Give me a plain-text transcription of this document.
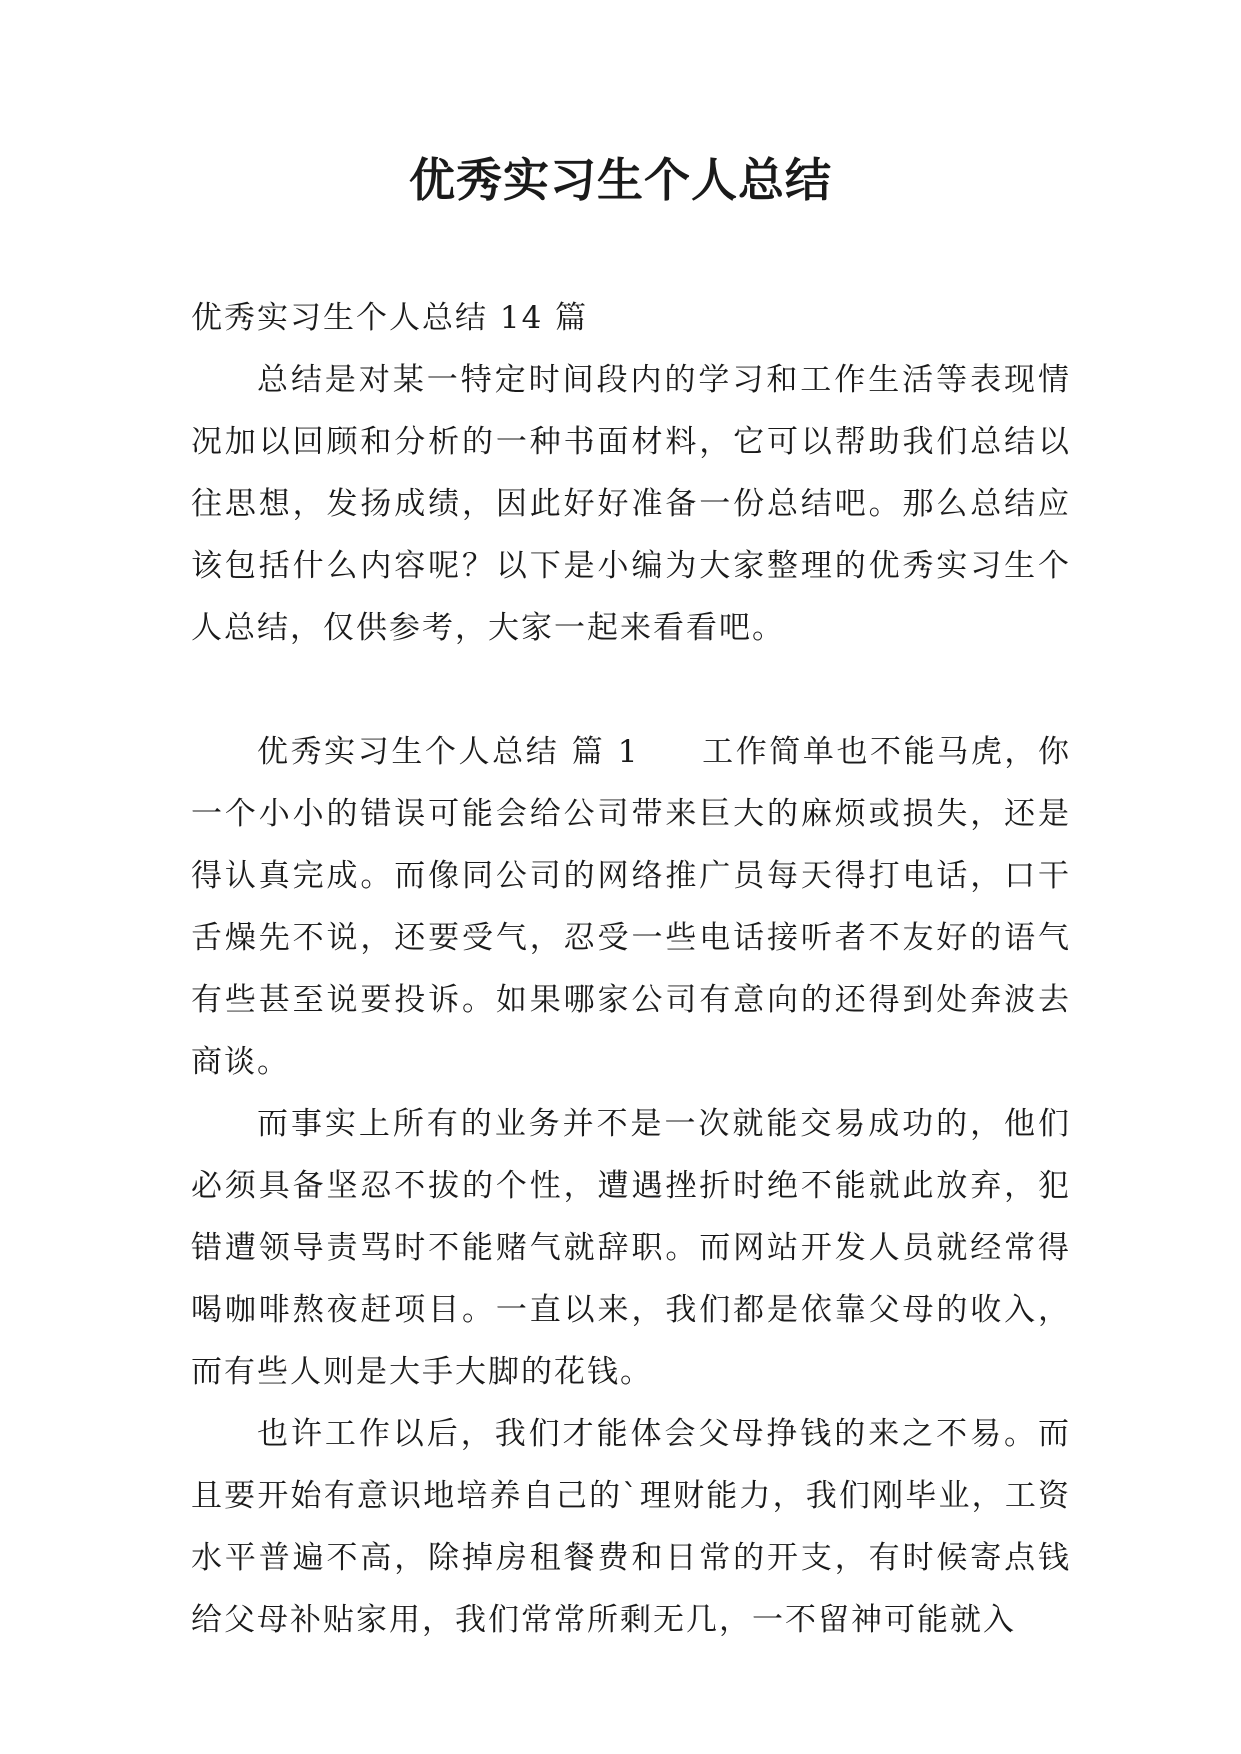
优秀实习生个人总结

优秀实习生个人总结 14 篇

总结是对某一特定时间段内的学习和工作生活等表现情况加以回顾和分析的一种书面材料，它可以帮助我们总结以往思想，发扬成绩，因此好好准备一份总结吧。那么总结应该包括什么内容呢？以下是小编为大家整理的优秀实习生个人总结，仅供参考，大家一起来看看吧。

优秀实习生个人总结 篇 1 工作简单也不能马虎，你一个小小的错误可能会给公司带来巨大的麻烦或损失，还是得认真完成。而像同公司的网络推广员每天得打电话，口干舌燥先不说，还要受气，忍受一些电话接听者不友好的语气有些甚至说要投诉。如果哪家公司有意向的还得到处奔波去商谈。

而事实上所有的业务并不是一次就能交易成功的，他们必须具备坚忍不拔的个性，遭遇挫折时绝不能就此放弃，犯错遭领导责骂时不能赌气就辞职。而网站开发人员就经常得喝咖啡熬夜赶项目。一直以来，我们都是依靠父母的收入，而有些人则是大手大脚的花钱。

也许工作以后，我们才能体会父母挣钱的来之不易。而且要开始有意识地培养自己的`理财能力，我们刚毕业，工资水平普遍不高，除掉房租餐费和日常的开支，有时候寄点钱给父母补贴家用，我们常常所剩无几，一不留神可能就入
